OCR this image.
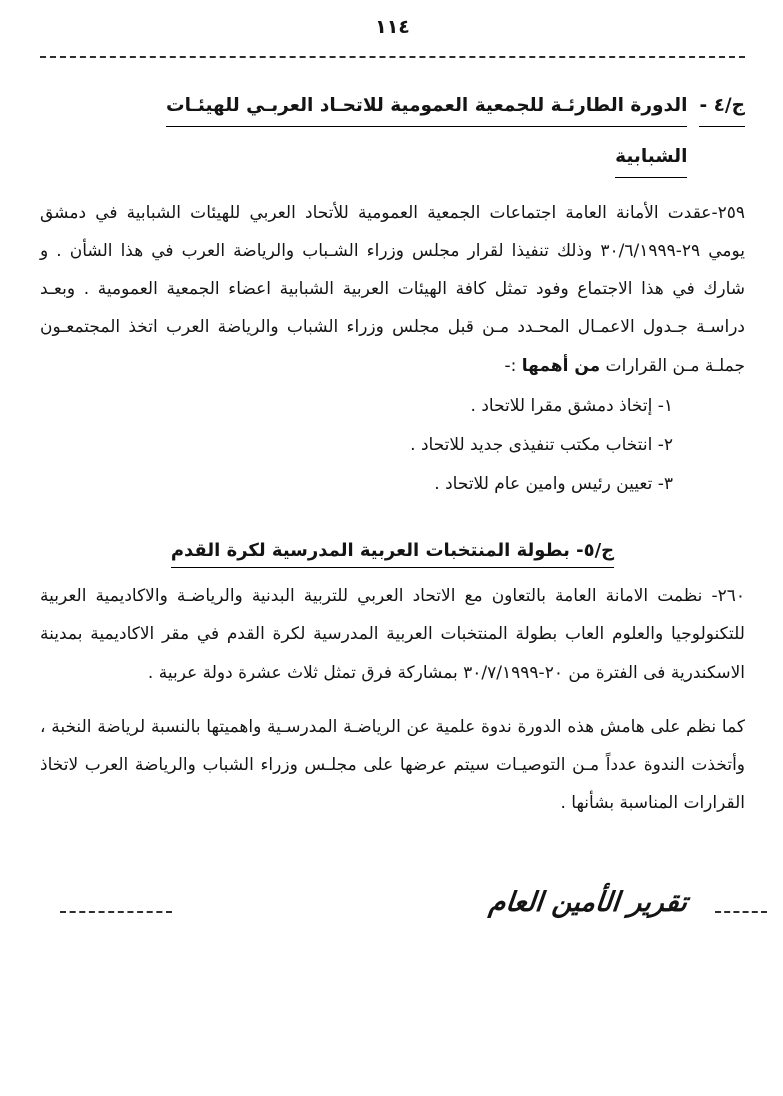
١١٤
ج/٤ -
الدورة الطارئـة للجمعية العمومية للاتحـاد العربـي للهيئـات
الشبابية

٢٥٩-عقدت الأمانة العامة اجتماعات الجمعية العمومية للأتحاد العربي للهيئات الشبابية في دمشق يومي ٢٩-٣٠/٦/١٩٩٩ وذلك تنفيذا لقرار مجلس وزراء الشـباب والرياضة العرب في هذا الشأن . و شارك في هذا الاجتماع وفود تمثل كافة الهيئات العربية الشبابية اعضاء الجمعية العمومية . وبعـد دراسـة جـدول الاعمـال المحـدد مـن قبل مجلس وزراء الشباب والرياضة العرب اتخذ المجتمعـون جملـة مـن القرارات من أهمها :-

١- إتخاذ دمشق مقرا للاتحاد .
٢- انتخاب مكتب تنفيذى جديد للاتحاد .
٣- تعيين رئيس وامين عام للاتحاد .
ج/٥- بطولة المنتخبات العربية المدرسية لكرة القدم

٢٦٠- نظمت الامانة العامة بالتعاون مع الاتحاد العربي للتربية البدنية والرياضـة والاكاديمية العربية للتكنولوجيا والعلوم العاب بطولة المنتخبات العربية المدرسية لكرة القدم في مقر الاكاديمية بمدينة الاسكندرية فى الفترة من ٢٠-٣٠/٧/١٩٩٩ بمشاركة فرق تمثل ثلاث عشرة دولة عربية .

كما نظم على هامش هذه الدورة ندوة علمية عن الرياضـة المدرسـية واهميتها بالنسبة لرياضة النخبة ، وأتخذت الندوة عدداً مـن التوصيـات سيتم عرضها على مجلـس وزراء الشباب والرياضة العرب لاتخاذ القرارات المناسبة بشأنها .

تقرير الأمين العام
